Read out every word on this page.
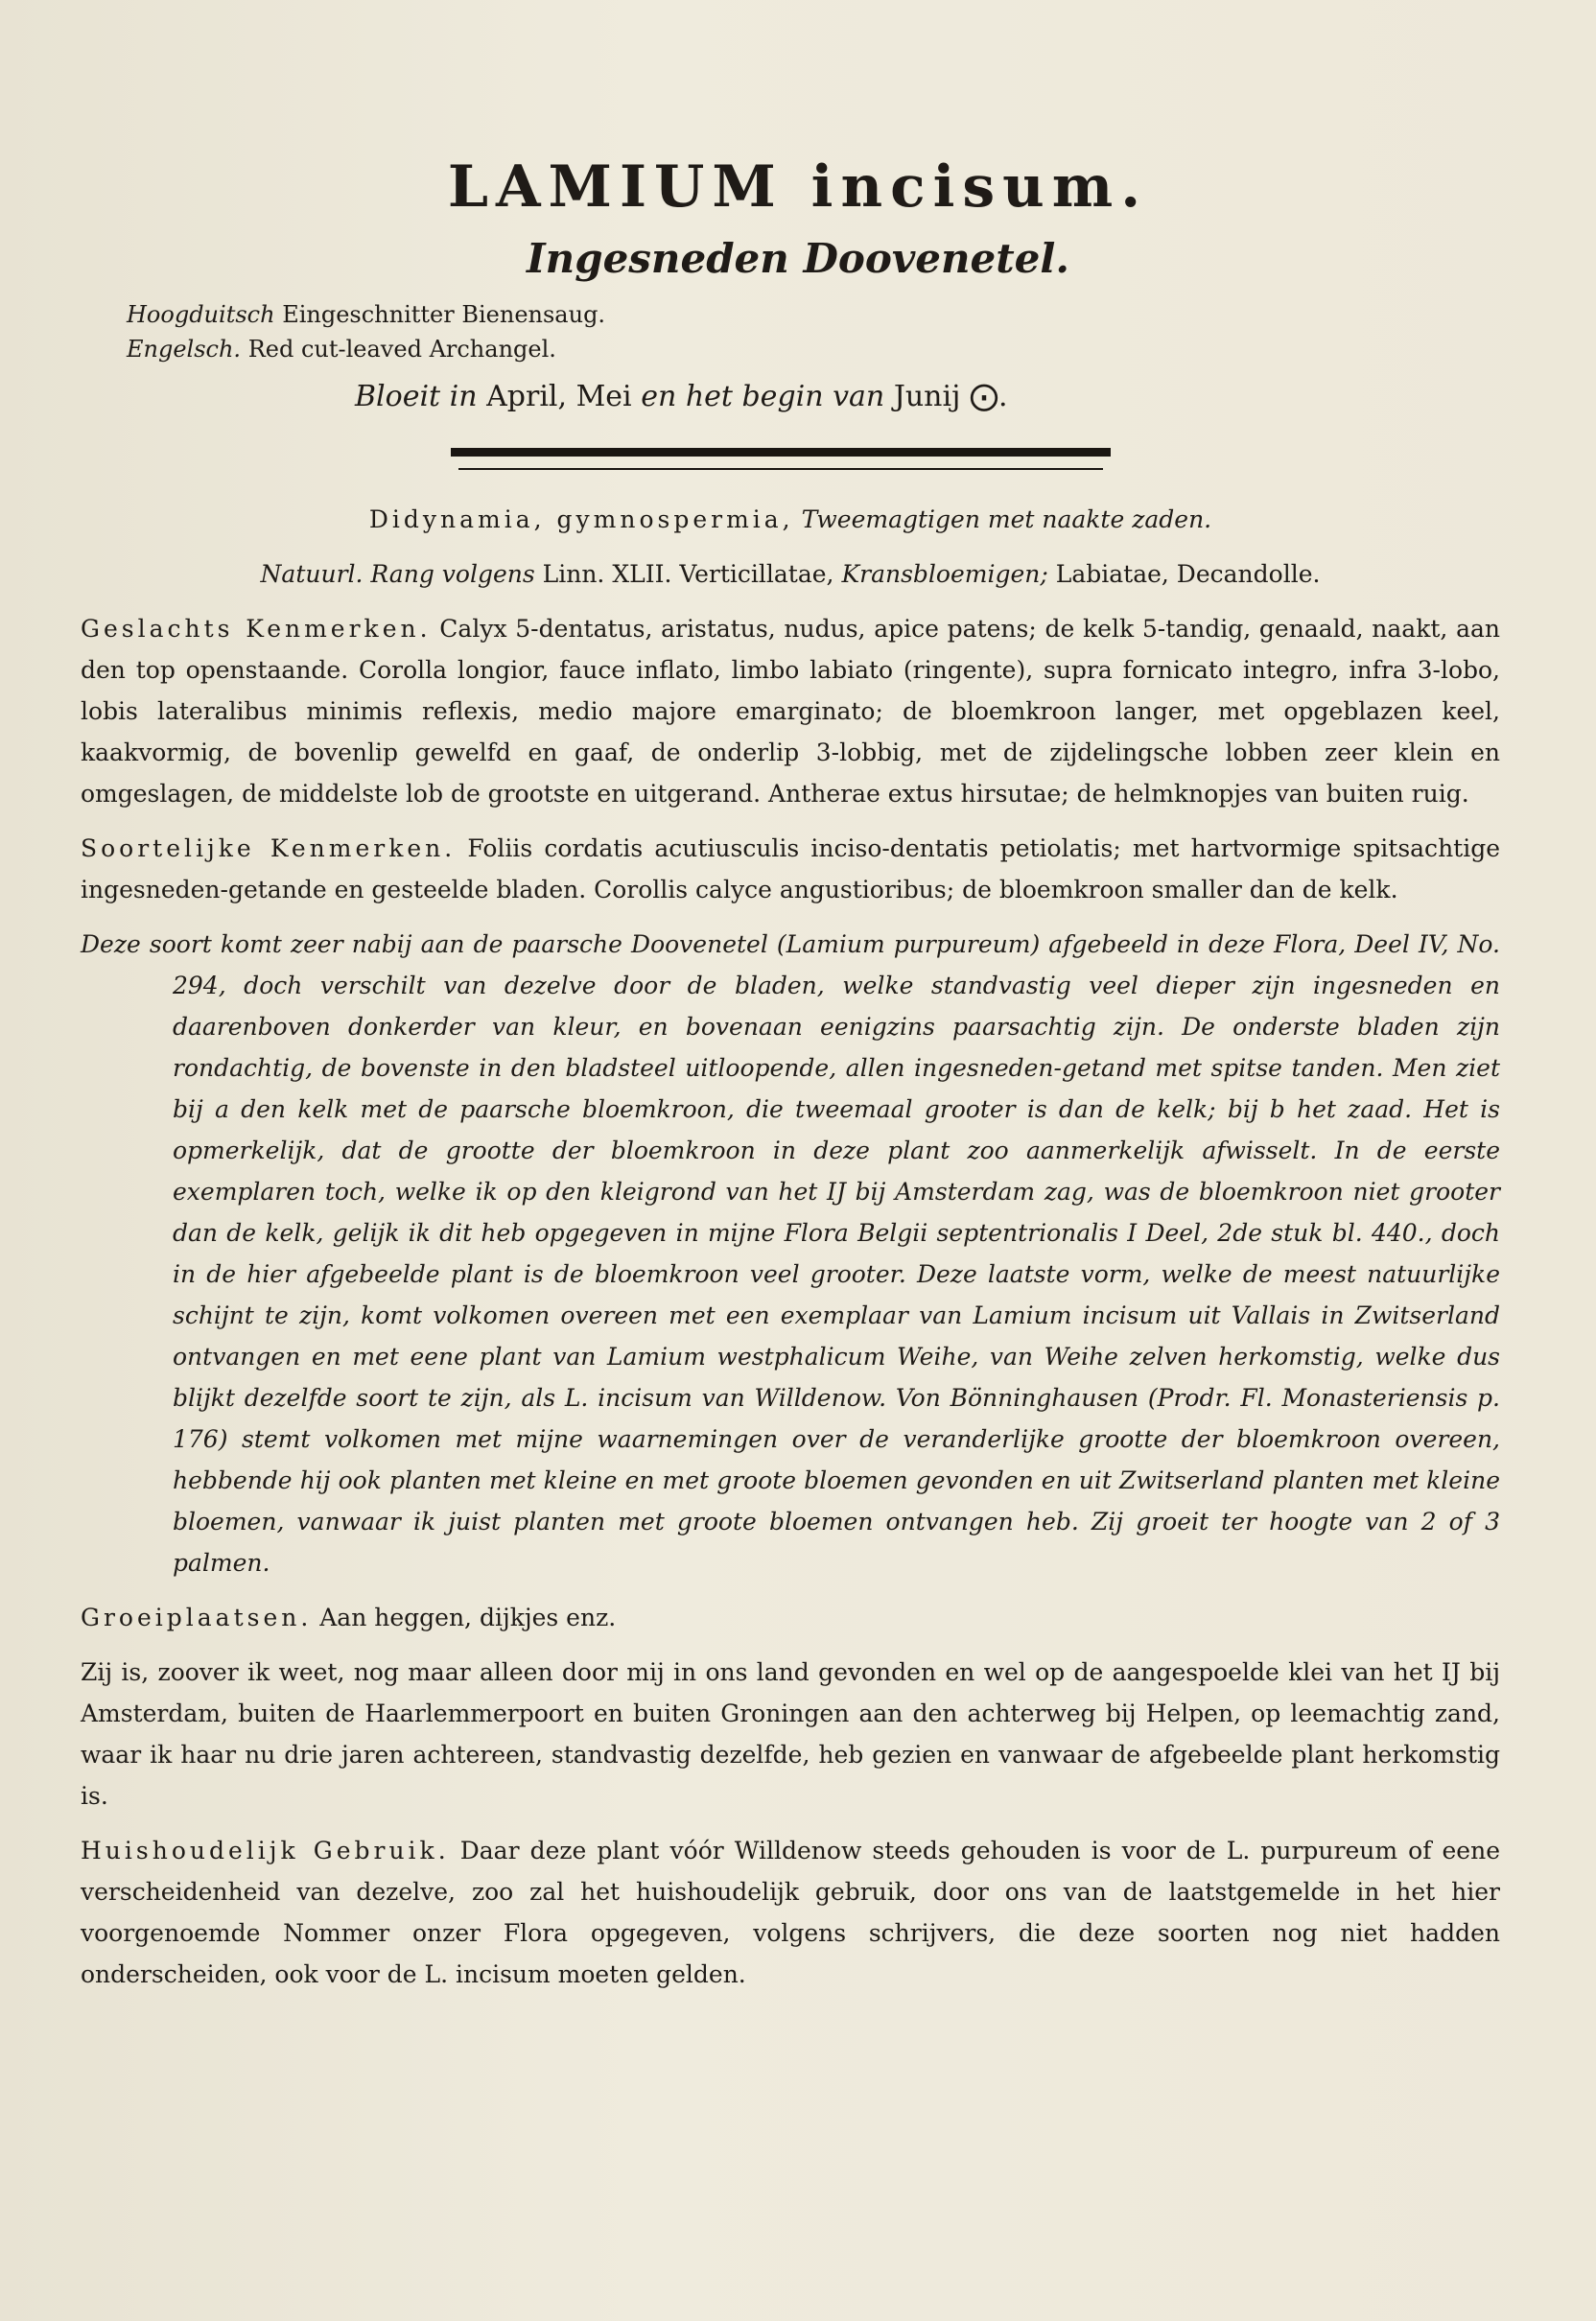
LAMIUM incisum.
Ingesneden Doovenetel.
Hoogduitsch Eingeschnitter Bienensaug.
Engelsch. Red cut-leaved Archangel.
Bloeit in April, Mei en het begin van Junij ⨀.

Didynamia, gymnospermia, Tweemagtigen met naakte zaden.

Natuurl. Rang volgens Linn. XLII. Verticillatae, Kransbloemigen; Labiatae, Decandolle.

Geslachts Kenmerken. Calyx 5-dentatus, aristatus, nudus, apice patens; de kelk 5-tandig, genaald, naakt, aan den top openstaande. Corolla longior, fauce inflato, limbo labiato (ringente), supra fornicato integro, infra 3-lobo, lobis lateralibus minimis reflexis, medio majore emarginato; de bloemkroon langer, met opgeblazen keel, kaakvormig, de bovenlip gewelfd en gaaf, de onderlip 3-lobbig, met de zijdelingsche lobben zeer klein en omgeslagen, de middelste lob de grootste en uitgerand. Antherae extus hirsutae; de helmknopjes van buiten ruig.

Soortelijke Kenmerken. Foliis cordatis acutiusculis inciso-dentatis petiolatis; met hartvormige spitsachtige ingesneden-getande en gesteelde bladen. Corollis calyce angustioribus; de bloemkroon smaller dan de kelk.

Deze soort komt zeer nabij aan de paarsche Doovenetel (Lamium purpureum) afgebeeld in deze Flora, Deel IV, No. 294, doch verschilt van dezelve door de bladen, welke standvastig veel dieper zijn ingesneden en daarenboven donkerder van kleur, en bovenaan eenigzins paarsachtig zijn. De onderste bladen zijn rondachtig, de bovenste in den bladsteel uitloopende, allen ingesneden-getand met spitse tanden. Men ziet bij a den kelk met de paarsche bloemkroon, die tweemaal grooter is dan de kelk; bij b het zaad. Het is opmerkelijk, dat de grootte der bloemkroon in deze plant zoo aanmerkelijk afwisselt. In de eerste exemplaren toch, welke ik op den kleigrond van het IJ bij Amsterdam zag, was de bloemkroon niet grooter dan de kelk, gelijk ik dit heb opgegeven in mijne Flora Belgii septentrionalis I Deel, 2de stuk bl. 440., doch in de hier afgebeelde plant is de bloemkroon veel grooter. Deze laatste vorm, welke de meest natuurlijke schijnt te zijn, komt volkomen overeen met een exemplaar van Lamium incisum uit Vallais in Zwitserland ontvangen en met eene plant van Lamium westphalicum Weihe, van Weihe zelven herkomstig, welke dus blijkt dezelfde soort te zijn, als L. incisum van Willdenow. Von Bönninghausen (Prodr. Fl. Monasteriensis p. 176) stemt volkomen met mijne waarnemingen over de veranderlijke grootte der bloemkroon overeen, hebbende hij ook planten met kleine en met groote bloemen gevonden en uit Zwitserland planten met kleine bloemen, vanwaar ik juist planten met groote bloemen ontvangen heb. Zij groeit ter hoogte van 2 of 3 palmen.

Groeiplaatsen. Aan heggen, dijkjes enz.

Zij is, zoover ik weet, nog maar alleen door mij in ons land gevonden en wel op de aangespoelde klei van het IJ bij Amsterdam, buiten de Haarlemmerpoort en buiten Groningen aan den achterweg bij Helpen, op leemachtig zand, waar ik haar nu drie jaren achtereen, standvastig dezelfde, heb gezien en vanwaar de afgebeelde plant herkomstig is.

Huishoudelijk Gebruik. Daar deze plant vóór Willdenow steeds gehouden is voor de L. purpureum of eene verscheidenheid van dezelve, zoo zal het huishoudelijk gebruik, door ons van de laatstgemelde in het hier voorgenoemde Nommer onzer Flora opgegeven, volgens schrijvers, die deze soorten nog niet hadden onderscheiden, ook voor de L. incisum moeten gelden.
